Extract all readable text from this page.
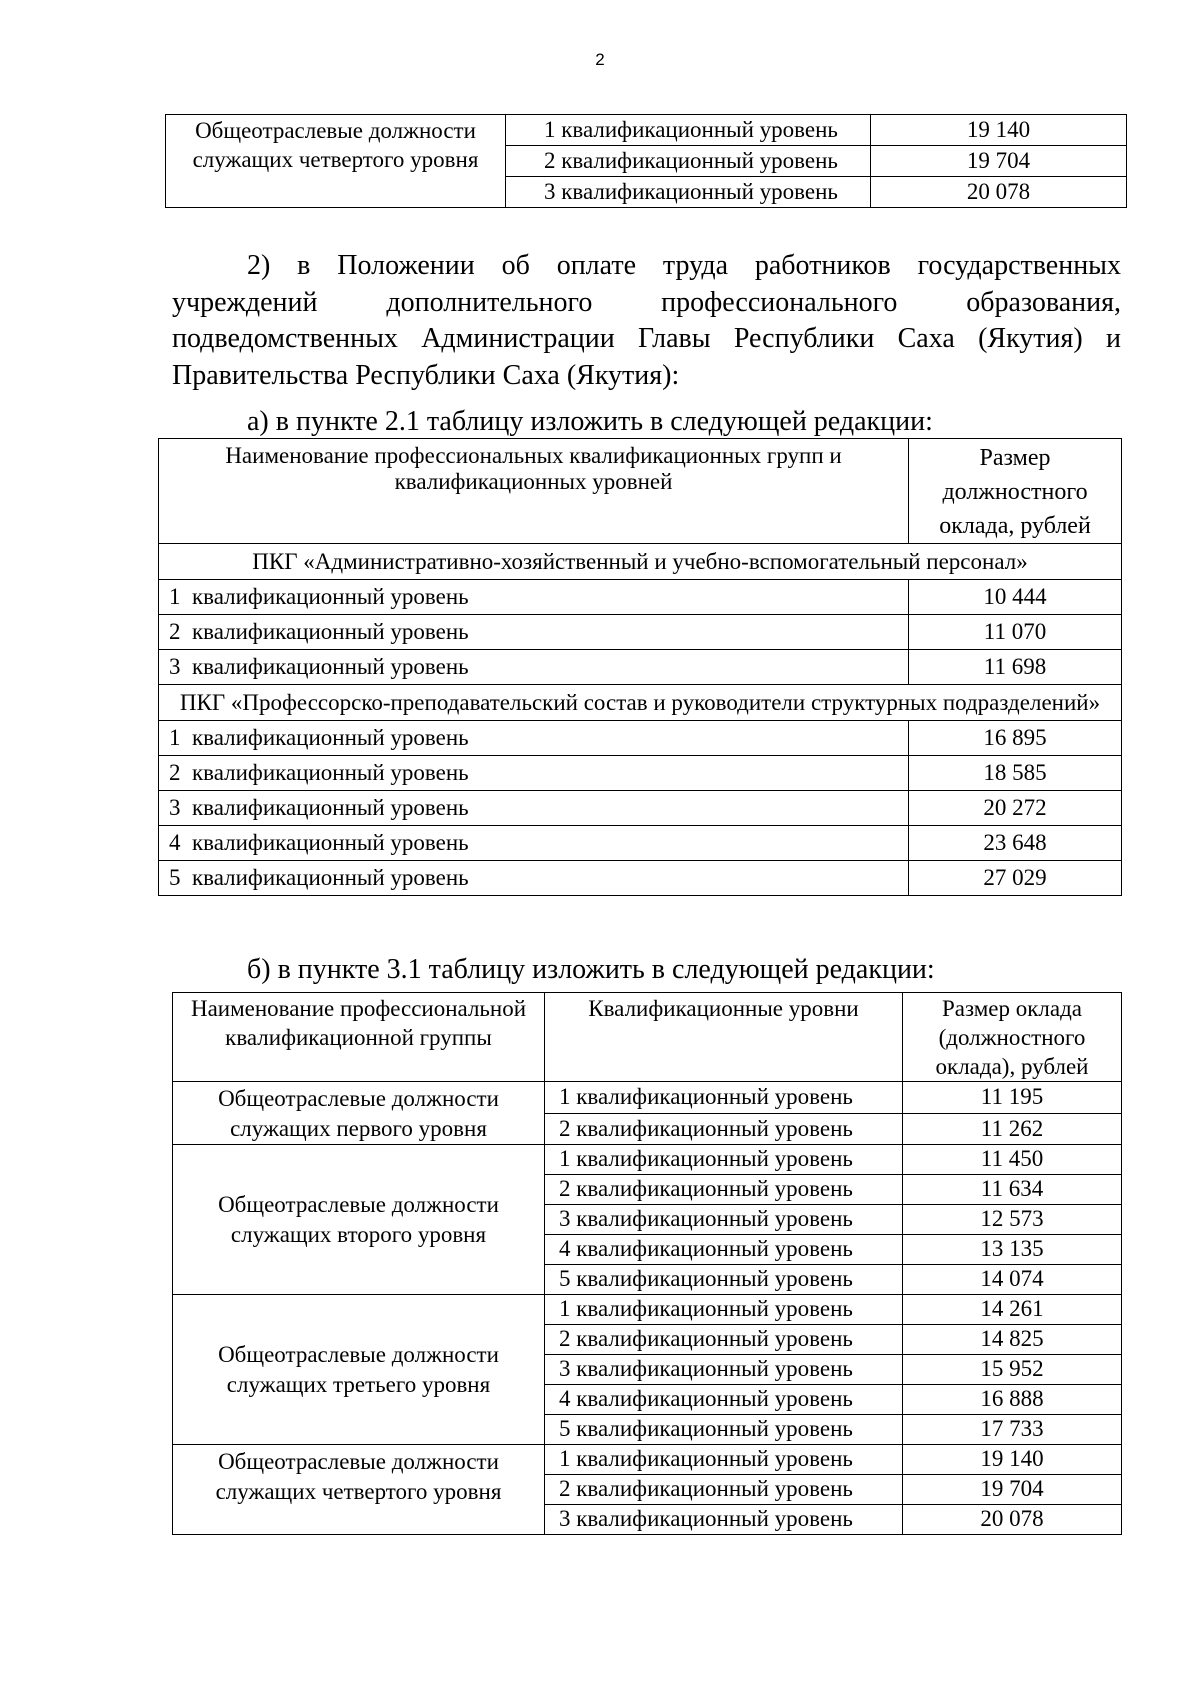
2
Общеотраслевые должности служащих четвертого уровня	1 квалификационный уровень	19 140
	2 квалификационный уровень	19 704
	3 квалификационный уровень	20 078

2) в Положении об оплате труда работников государственных учреждений дополнительного профессионального образования, подведомственных Администрации Главы Республики Саха (Якутия) и Правительства Республики Саха (Якутия):

а) в пункте 2.1 таблицу изложить в следующей редакции:

Наименование профессиональных квалификационных групп и квалификационных уровней	Размер должностного оклада, рублей
ПКГ «Административно-хозяйственный и учебно-вспомогательный персонал»	
1  квалификационный уровень	10 444
2  квалификационный уровень	11 070
3  квалификационный уровень	11 698
ПКГ «Профессорско-преподавательский состав и руководители структурных подразделений»	
1  квалификационный уровень	16 895
2  квалификационный уровень	18 585
3  квалификационный уровень	20 272
4  квалификационный уровень	23 648
5  квалификационный уровень	27 029

б) в пункте 3.1 таблицу изложить в следующей редакции:

Наименование профессиональной квалификационной группы	Квалификационные уровни	Размер оклада (должностного оклада), рублей
Общеотраслевые должности служащих первого уровня	1 квалификационный уровень	11 195
	2 квалификационный уровень	11 262
Общеотраслевые должности служащих второго уровня	1 квалификационный уровень	11 450
	2 квалификационный уровень	11 634
	3 квалификационный уровень	12 573
	4 квалификационный уровень	13 135
	5 квалификационный уровень	14 074
Общеотраслевые должности служащих третьего уровня	1 квалификационный уровень	14 261
	2 квалификационный уровень	14 825
	3 квалификационный уровень	15 952
	4 квалификационный уровень	16 888
	5 квалификационный уровень	17 733
Общеотраслевые должности служащих четвертого уровня	1 квалификационный уровень	19 140
	2 квалификационный уровень	19 704
	3 квалификационный уровень	20 078
